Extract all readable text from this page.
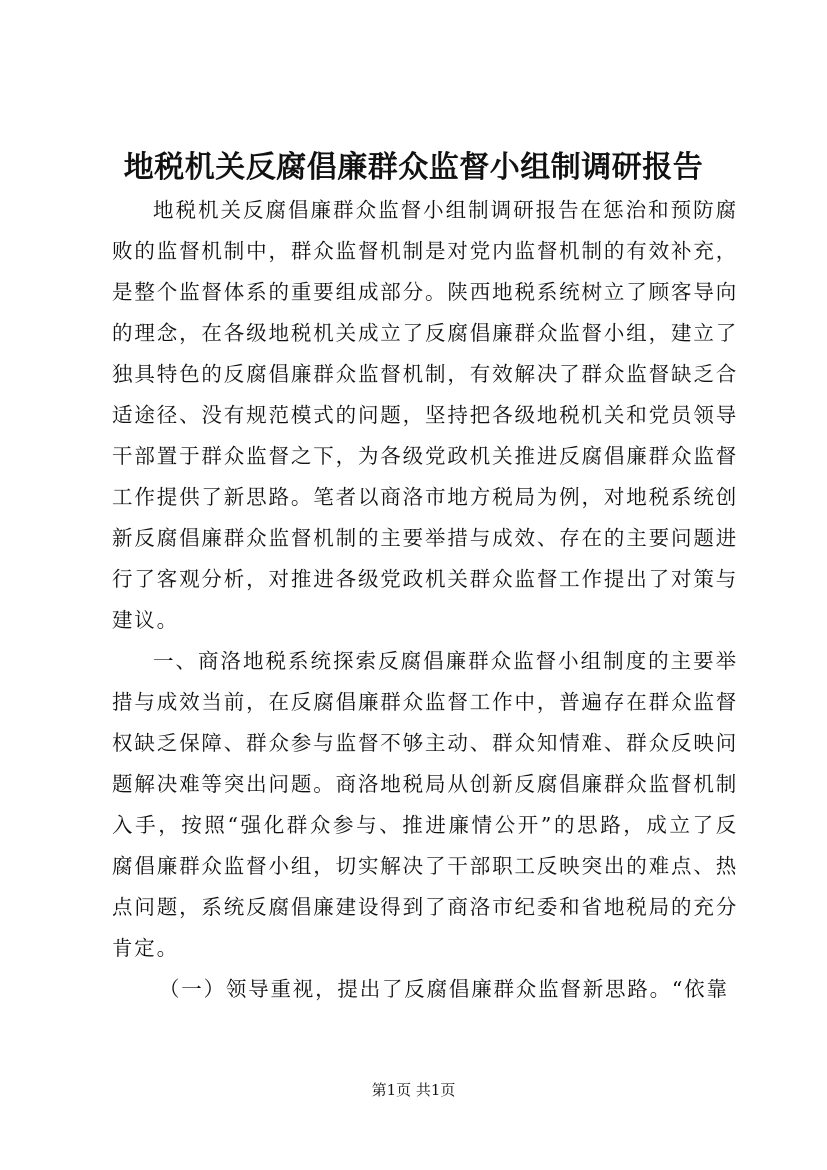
地税机关反腐倡廉群众监督小组制调研报告

地税机关反腐倡廉群众监督小组制调研报告在惩治和预防腐败的监督机制中，群众监督机制是对党内监督机制的有效补充，是整个监督体系的重要组成部分。陕西地税系统树立了顾客导向的理念，在各级地税机关成立了反腐倡廉群众监督小组，建立了独具特色的反腐倡廉群众监督机制，有效解决了群众监督缺乏合适途径、没有规范模式的问题，坚持把各级地税机关和党员领导干部置于群众监督之下，为各级党政机关推进反腐倡廉群众监督工作提供了新思路。笔者以商洛市地方税局为例，对地税系统创新反腐倡廉群众监督机制的主要举措与成效、存在的主要问题进行了客观分析，对推进各级党政机关群众监督工作提出了对策与建议。

一、商洛地税系统探索反腐倡廉群众监督小组制度的主要举措与成效当前，在反腐倡廉群众监督工作中，普遍存在群众监督权缺乏保障、群众参与监督不够主动、群众知情难、群众反映问题解决难等突出问题。商洛地税局从创新反腐倡廉群众监督机制入手，按照“强化群众参与、推进廉情公开”的思路，成立了反腐倡廉群众监督小组，切实解决了干部职工反映突出的难点、热点问题，系统反腐倡廉建设得到了商洛市纪委和省地税局的充分肯定。

（一）领导重视，提出了反腐倡廉群众监督新思路。“依靠

第1页 共1页
